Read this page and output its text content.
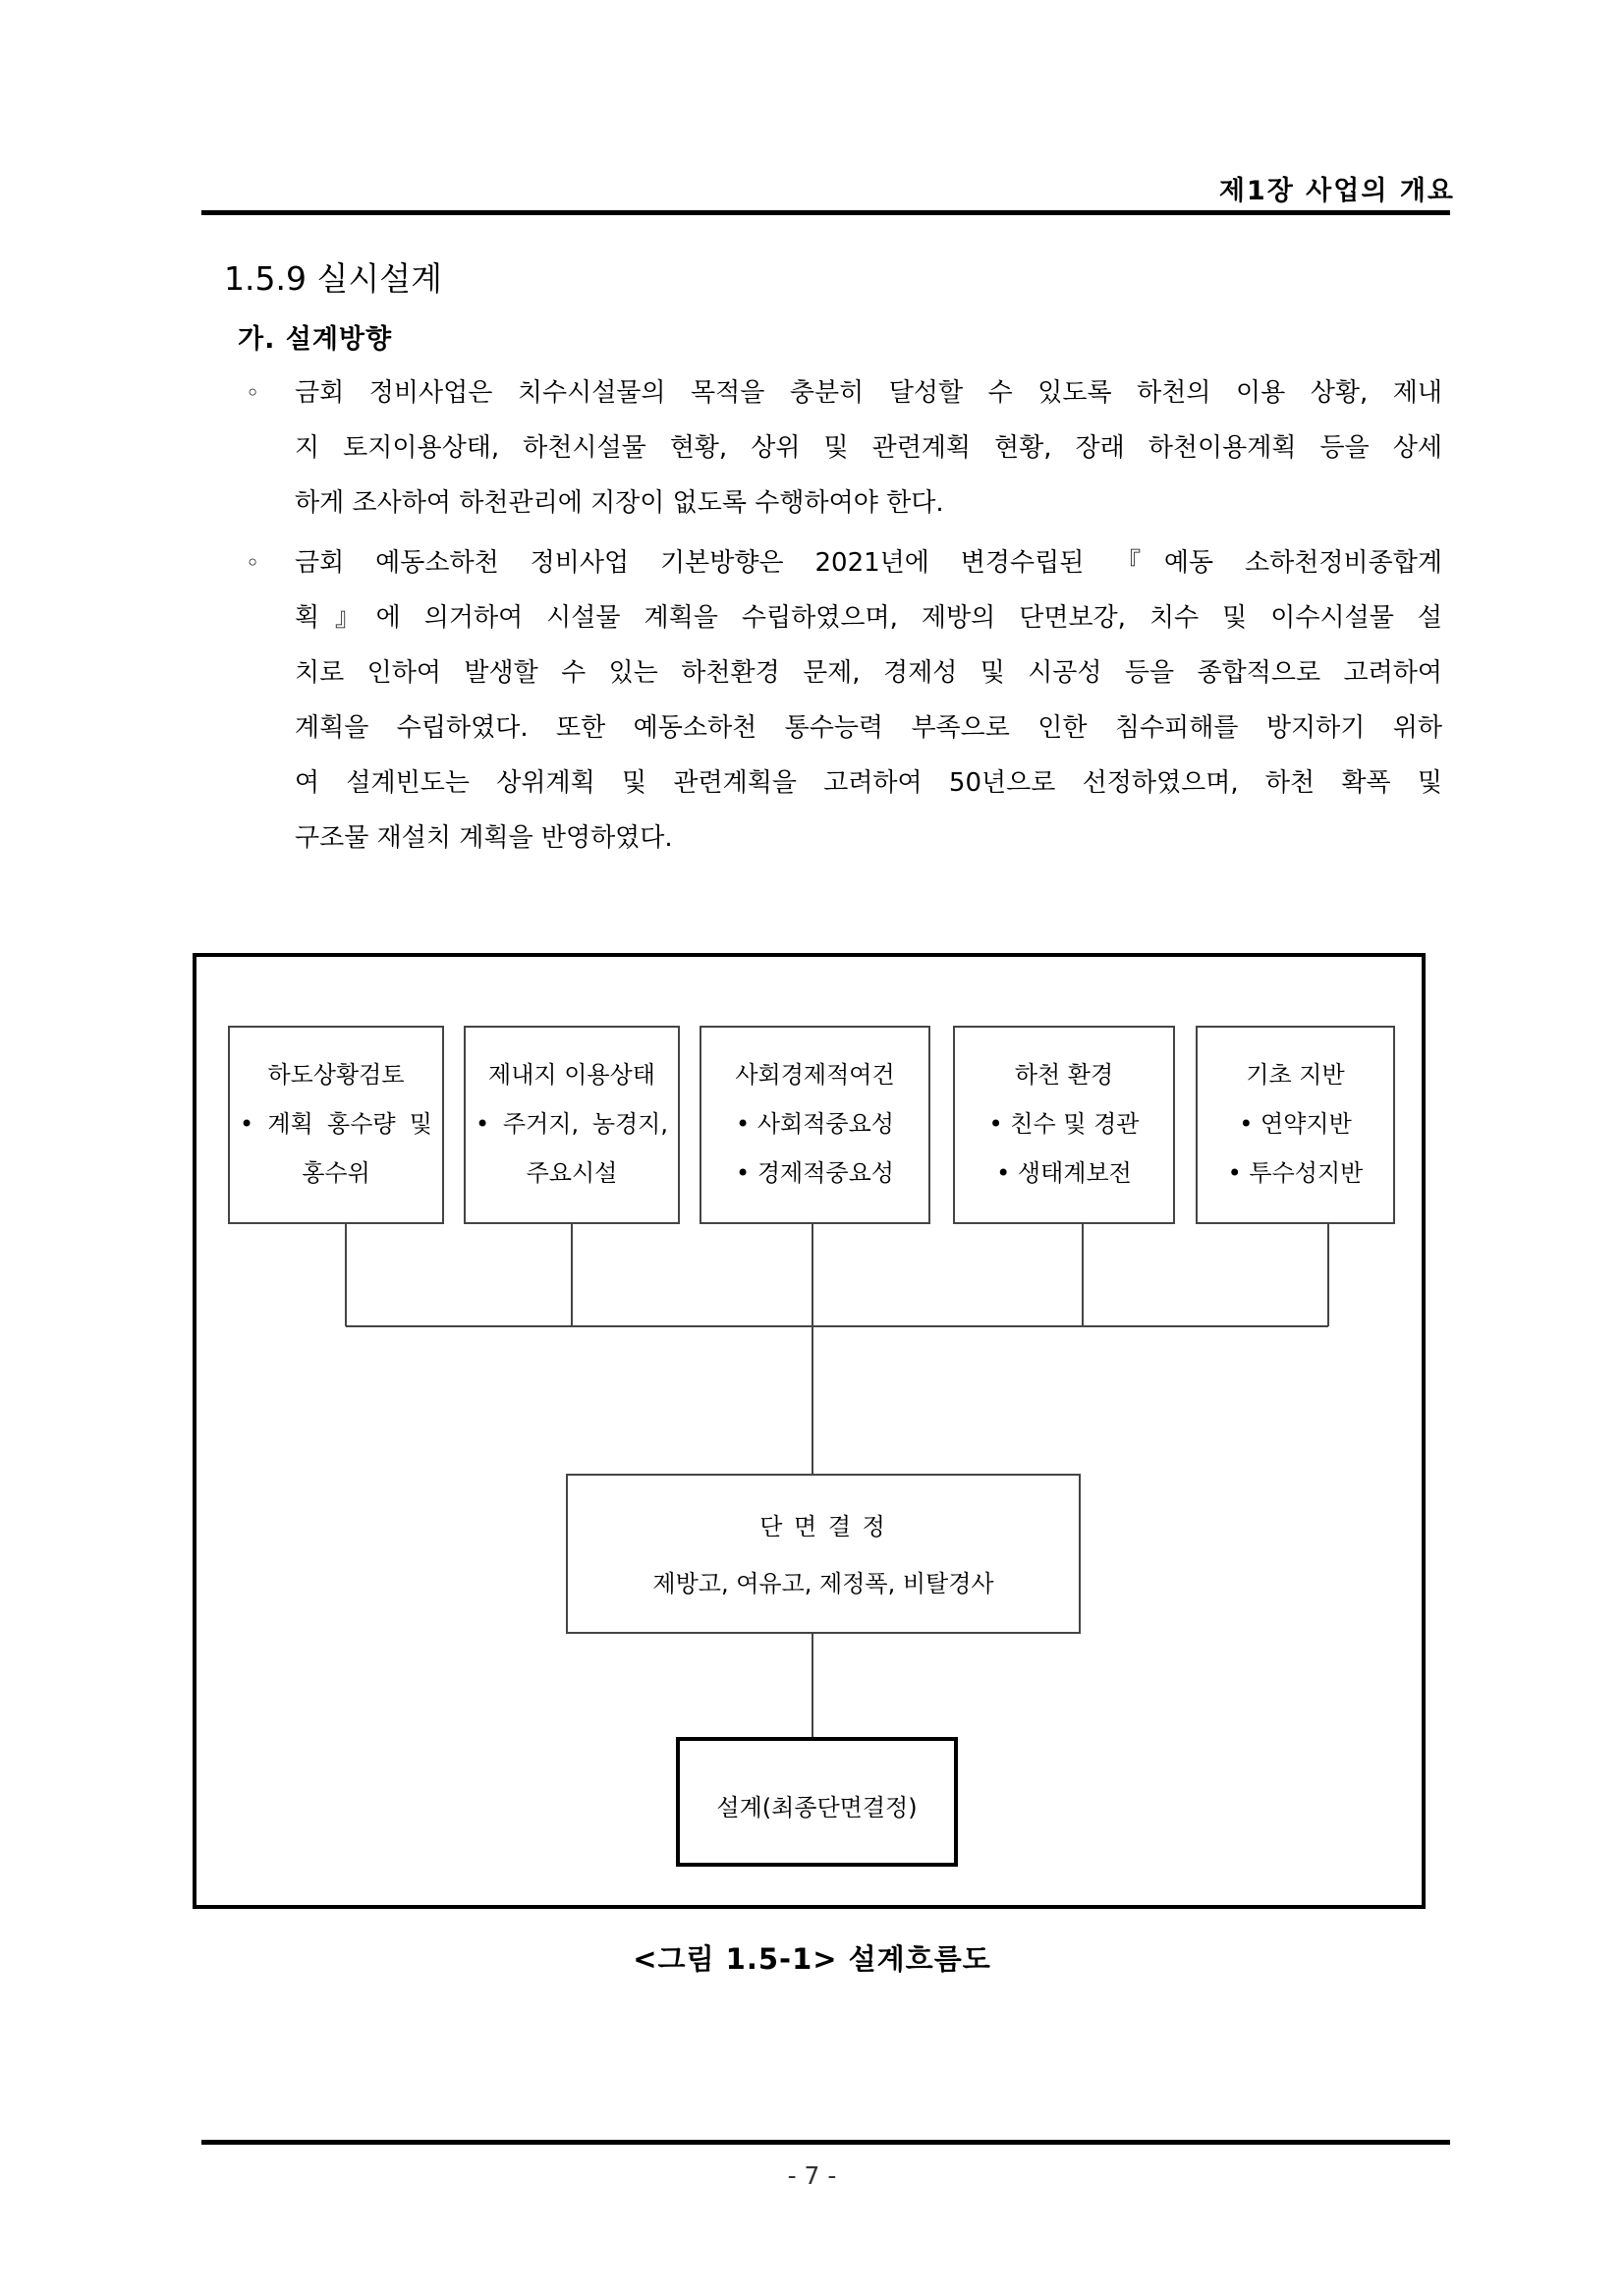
제1장 사업의 개요
1.5.9 실시설계
가. 설계방향
◦ 금회 정비사업은 치수시설물의 목적을 충분히 달성할 수 있도록 하천의 이용 상황, 제내
지 토지이용상태, 하천시설물 현황, 상위 및 관련계획 현황, 장래 하천이용계획 등을 상세
하게 조사하여 하천관리에 지장이 없도록 수행하여야 한다.
◦ 금회 예동소하천 정비사업 기본방향은 2021년에 변경수립된 『예동 소하천정비종합계
획』에 의거하여 시설물 계획을 수립하였으며, 제방의 단면보강, 치수 및 이수시설물 설
치로 인하여 발생할 수 있는 하천환경 문제, 경제성 및 시공성 등을 종합적으로 고려하여
계획을 수립하였다. 또한 예동소하천 통수능력 부족으로 인한 침수피해를 방지하기 위하
여 설계빈도는 상위계획 및 관련계획을 고려하여 50년으로 선정하였으며, 하천 확폭 및
구조물 재설치 계획을 반영하였다.
하도상황검토
• 계획 홍수량 및
홍수위
제내지 이용상태
• 주거지, 농경지,
주요시설
사회경제적여건
• 사회적중요성
• 경제적중요성
하천 환경
• 친수 및 경관
• 생태계보전
기초 지반
• 연약지반
• 투수성지반
단 면 결 정
제방고, 여유고, 제정폭, 비탈경사
설계(최종단면결정)
<그림 1.5-1> 설계흐름도
- 7 -
